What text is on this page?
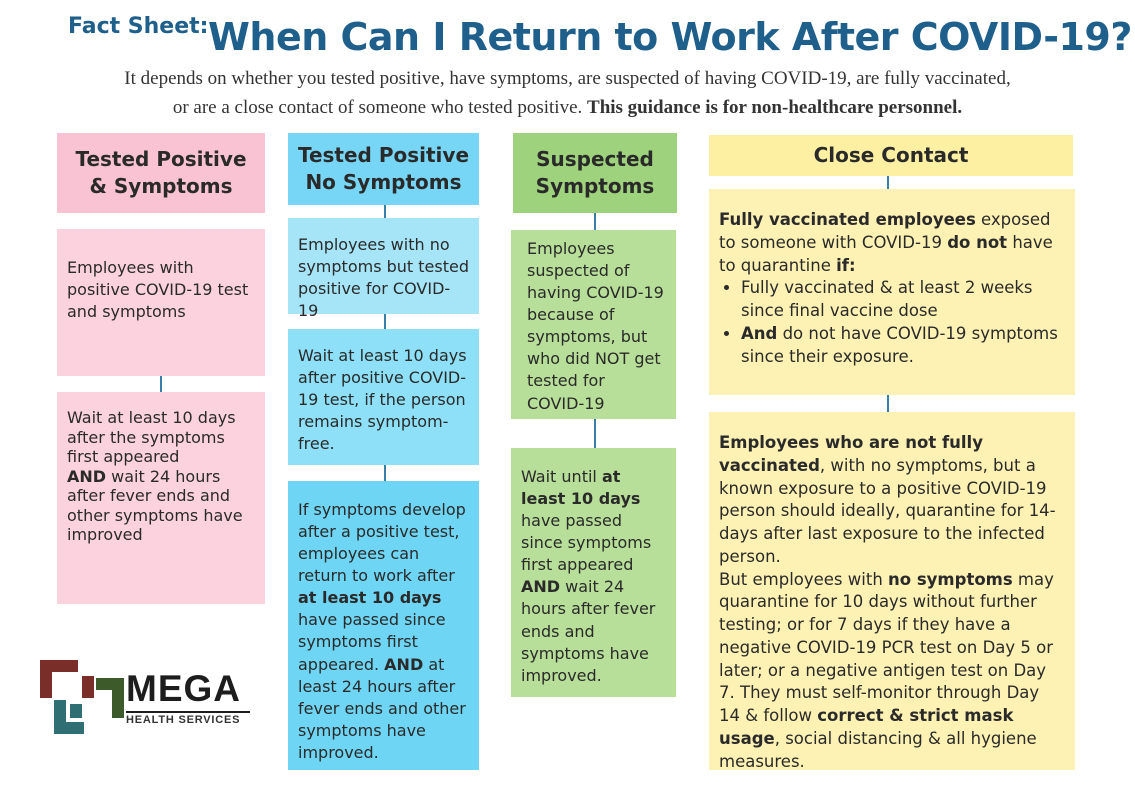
Fact Sheet: When Can I Return to Work After COVID-19?
It depends on whether you tested positive, have symptoms, are suspected of having COVID-19, are fully vaccinated,
or are a close contact of someone who tested positive. This guidance is for non-healthcare personnel.
Tested Positive
& Symptoms
Employees with positive COVID-19 test and symptoms
Wait at least 10 days after the symptoms first appeared
AND wait 24 hours after fever ends and other symptoms have improved
Tested Positive
No Symptoms
Employees with no symptoms but tested positive for COVID-19
Wait at least 10 days after positive COVID-19 test, if the person remains symptom-free.
If symptoms develop after a positive test, employees can return to work after at least 10 days have passed since symptoms first appeared. AND at least 24 hours after fever ends and other symptoms have improved.
Suspected
Symptoms
Employees suspected of having COVID-19 because of symptoms, but who did NOT get tested for COVID-19
Wait until at least 10 days have passed since symptoms first appeared AND wait 24 hours after fever ends and symptoms have improved.
Close Contact
Fully vaccinated employees exposed to someone with COVID-19 do not have to quarantine if:
• Fully vaccinated & at least 2 weeks since final vaccine dose
• And do not have COVID-19 symptoms since their exposure.
Employees who are not fully vaccinated, with no symptoms, but a known exposure to a positive COVID-19 person should ideally, quarantine for 14-days after last exposure to the infected person.
But employees with no symptoms may quarantine for 10 days without further testing; or for 7 days if they have a negative COVID-19 PCR test on Day 5 or later; or a negative antigen test on Day 7. They must self-monitor through Day 14 & follow correct & strict mask usage, social distancing & all hygiene measures.
MEGA
HEALTH SERVICES
